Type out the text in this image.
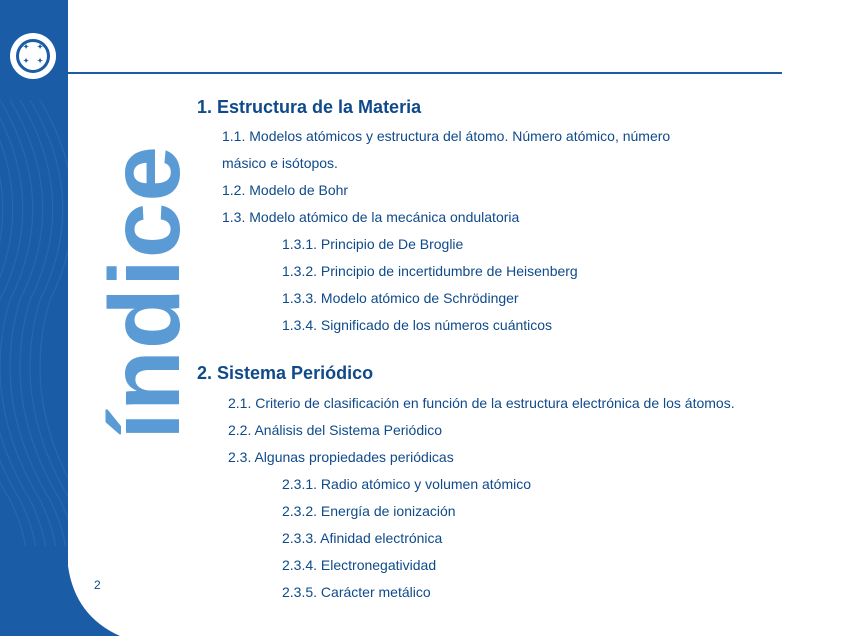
✦	✦
✦	✦
índice
2
1. Estructura de la Materia
1.1. Modelos atómicos y estructura del átomo. Número atómico, número
másico e isótopos.
1.2. Modelo de Bohr
1.3. Modelo atómico de la mecánica ondulatoria
1.3.1. Principio de De Broglie
1.3.2. Principio de incertidumbre de Heisenberg
1.3.3. Modelo atómico de Schrödinger
1.3.4. Significado de los números cuánticos
2. Sistema Periódico
2.1. Criterio de clasificación en función de la estructura electrónica de los átomos.
2.2. Análisis del Sistema Periódico
2.3. Algunas propiedades periódicas
2.3.1. Radio atómico y volumen atómico
2.3.2. Energía de ionización
2.3.3. Afinidad electrónica
2.3.4. Electronegatividad
2.3.5. Carácter metálico
